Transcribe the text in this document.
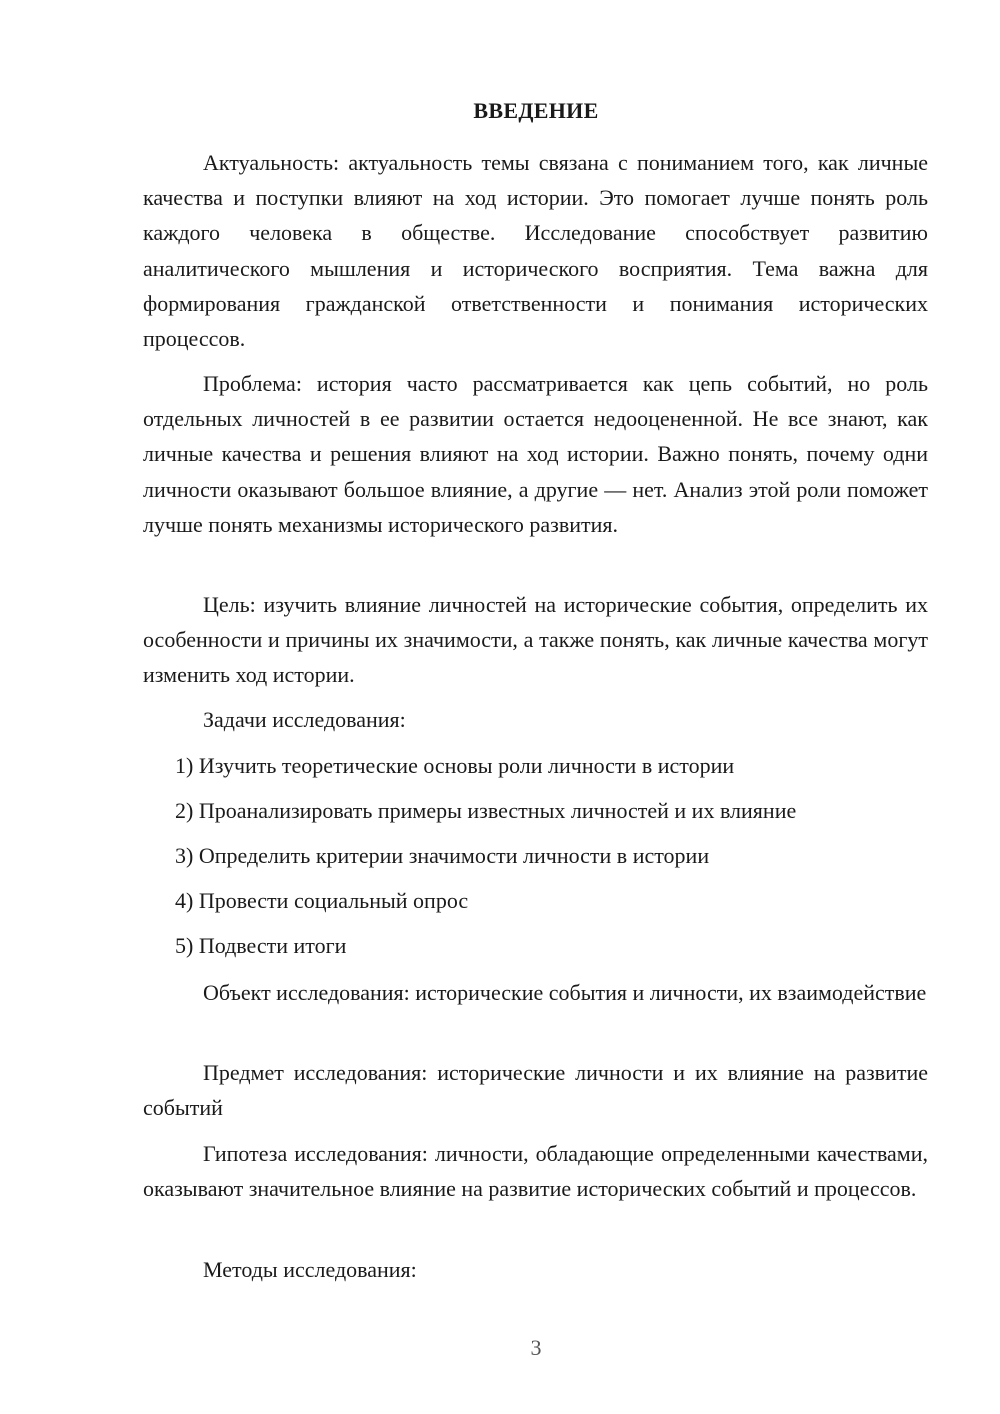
ВВЕДЕНИЕ

Актуальность: актуальность темы связана с пониманием того, как личные качества и поступки влияют на ход истории. Это помогает лучше понять роль каждого человека в обществе. Исследование способствует развитию аналитического мышления и исторического восприятия. Тема важна для формирования гражданской ответственности и понимания исторических процессов.

Проблема: история часто рассматривается как цепь событий, но роль отдельных личностей в ее развитии остается недооцененной. Не все знают, как личные качества и решения влияют на ход истории. Важно понять, почему одни личности оказывают большое влияние, а другие — нет. Анализ этой роли поможет лучше понять механизмы исторического развития.

Цель: изучить влияние личностей на исторические события, определить их особенности и причины их значимости, а также понять, как личные качества могут изменить ход истории.

Задачи исследования:

1) Изучить теоретические основы роли личности в истории

2) Проанализировать примеры известных личностей и их влияние

3) Определить критерии значимости личности в истории

4) Провести социальный опрос

5) Подвести итоги

Объект исследования: исторические события и личности, их взаимодействие

Предмет исследования: исторические личности и их влияние на развитие событий

Гипотеза исследования: личности, обладающие определенными качествами, оказывают значительное влияние на развитие исторических событий и процессов.

Методы исследования:

3
